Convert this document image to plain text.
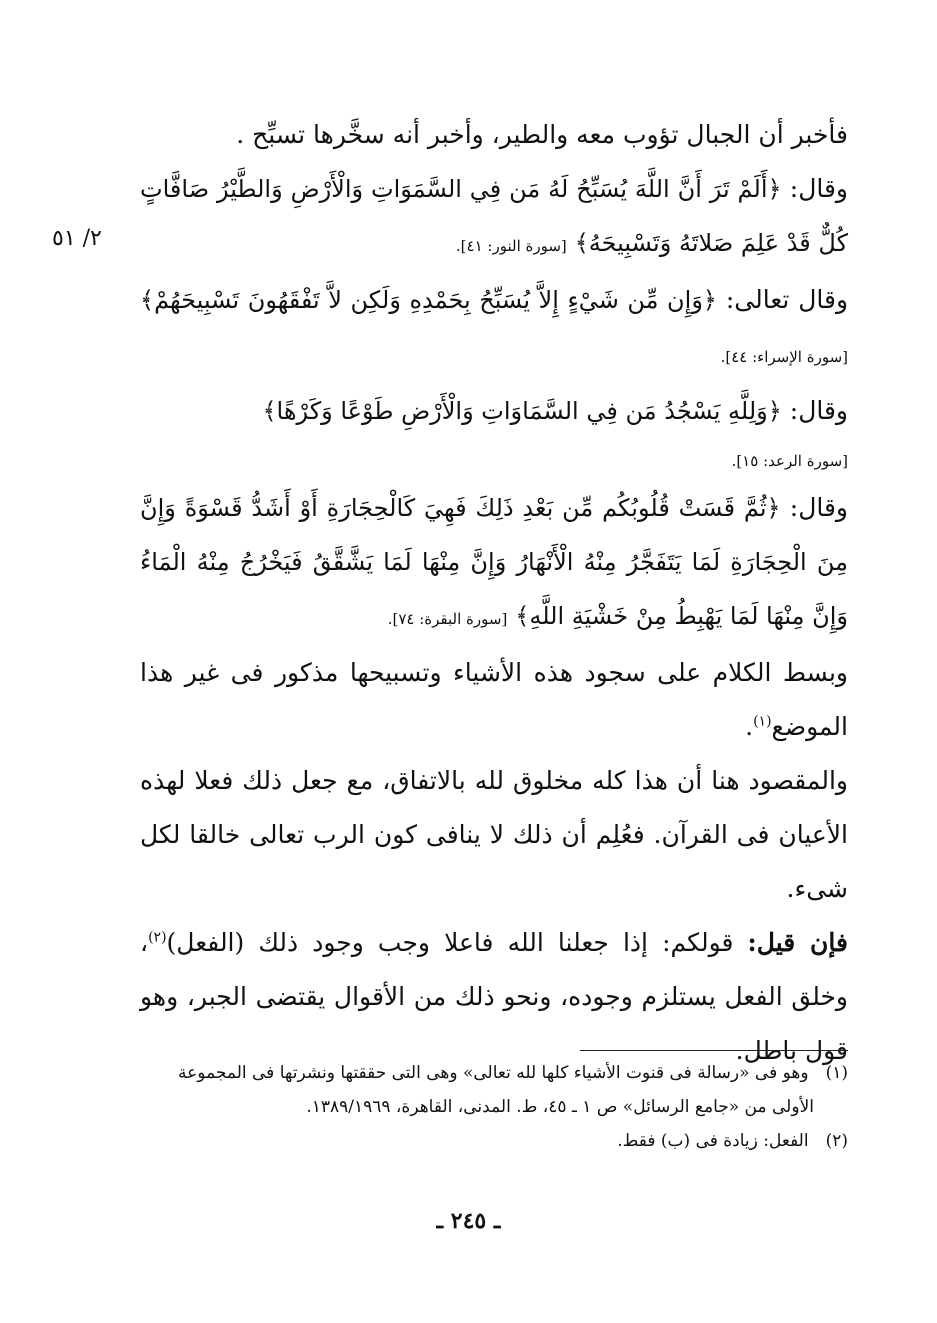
٢/ ٥١

فأخبر أن الجبال تؤوب معه والطير، وأخبر أنه سخَّرها تسبِّح .

وقال: ﴿أَلَمْ تَرَ أَنَّ اللَّهَ يُسَبِّحُ لَهُ مَن فِي السَّمَوَاتِ وَالْأَرْضِ وَالطَّيْرُ صَافَّاتٍ كُلٌّ قَدْ عَلِمَ صَلاتَهُ وَتَسْبِيحَهُ﴾ [سورة النور: ٤١].

وقال تعالى: ﴿وَإِن مِّن شَيْءٍ إِلاَّ يُسَبِّحُ بِحَمْدِهِ وَلَكِن لاَّ تَفْقَهُونَ تَسْبِيحَهُمْ﴾ [سورة الإسراء: ٤٤].

وقال: ﴿وَلِلَّهِ يَسْجُدُ مَن فِي السَّمَاوَاتِ وَالْأَرْضِ طَوْعًا وَكَرْهًا﴾

[سورة الرعد: ١٥].

وقال: ﴿ثُمَّ قَسَتْ قُلُوبُكُم مِّن بَعْدِ ذَلِكَ فَهِيَ كَالْحِجَارَةِ أَوْ أَشَدُّ قَسْوَةً وَإِنَّ مِنَ الْحِجَارَةِ لَمَا يَتَفَجَّرُ مِنْهُ الْأَنْهَارُ وَإِنَّ مِنْهَا لَمَا يَشَّقَّقُ فَيَخْرُجُ مِنْهُ الْمَاءُ وَإِنَّ مِنْهَا لَمَا يَهْبِطُ مِنْ خَشْيَةِ اللَّهِ﴾ [سورة البقرة: ٧٤].

وبسط الكلام على سجود هذه الأشياء وتسبيحها مذكور فى غير هذا الموضع$^{(١)}$.

والمقصود هنا أن هذا كله مخلوق لله بالاتفاق، مع جعل ذلك فعلا لهذه الأعيان فى القرآن. فعُلِم أن ذلك لا ينافى كون الرب تعالى خالقا لكل شىء.

فإن قيل: قولكم: إذا جعلنا الله فاعلا وجب وجود ذلك (الفعل)$^{(٢)}$، وخلق الفعل يستلزم وجوده، ونحو ذلك من الأقوال يقتضى الجبر، وهو قول باطل.

(١) وهو فى «رسالة فى قنوت الأشياء كلها لله تعالى» وهى التى حققتها ونشرتها فى المجموعة

الأولى من «جامع الرسائل» ص ١ ـ ٤٥، ط. المدنى، القاهرة، ١٣٨٩/١٩٦٩.

(٢) الفعل: زيادة فى (ب) فقط.

ـ ٢٤٥ ـ
